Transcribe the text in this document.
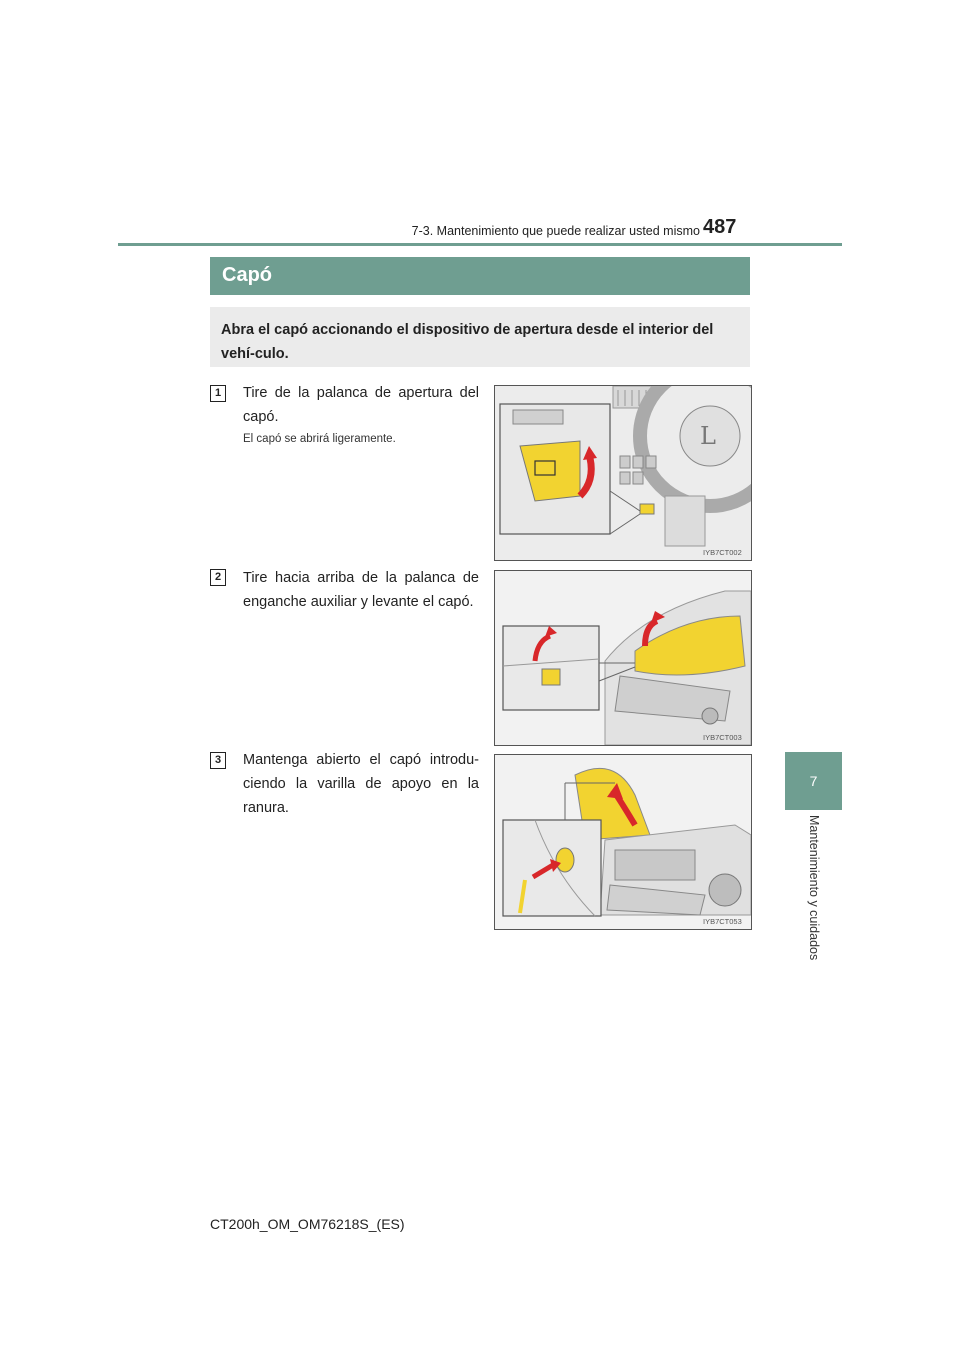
7-3. Mantenimiento que puede realizar usted mismo 487
7
Mantenimiento y cuidados
Capó

Abra el capó accionando el dispositivo de apertura desde el interior del vehí-culo.

1	Tire de la palanca de apertura del capó.
El capó se abrirá ligeramente.	L
IYB7CT002
2	Tire hacia arriba de la palanca de enganche auxiliar y levante el capó.
IYB7CT003
3	Mantenga abierto el capó introdu-ciendo la varilla de apoyo en la ranura.
IYB7CT053
CT200h_OM_OM76218S_(ES)
